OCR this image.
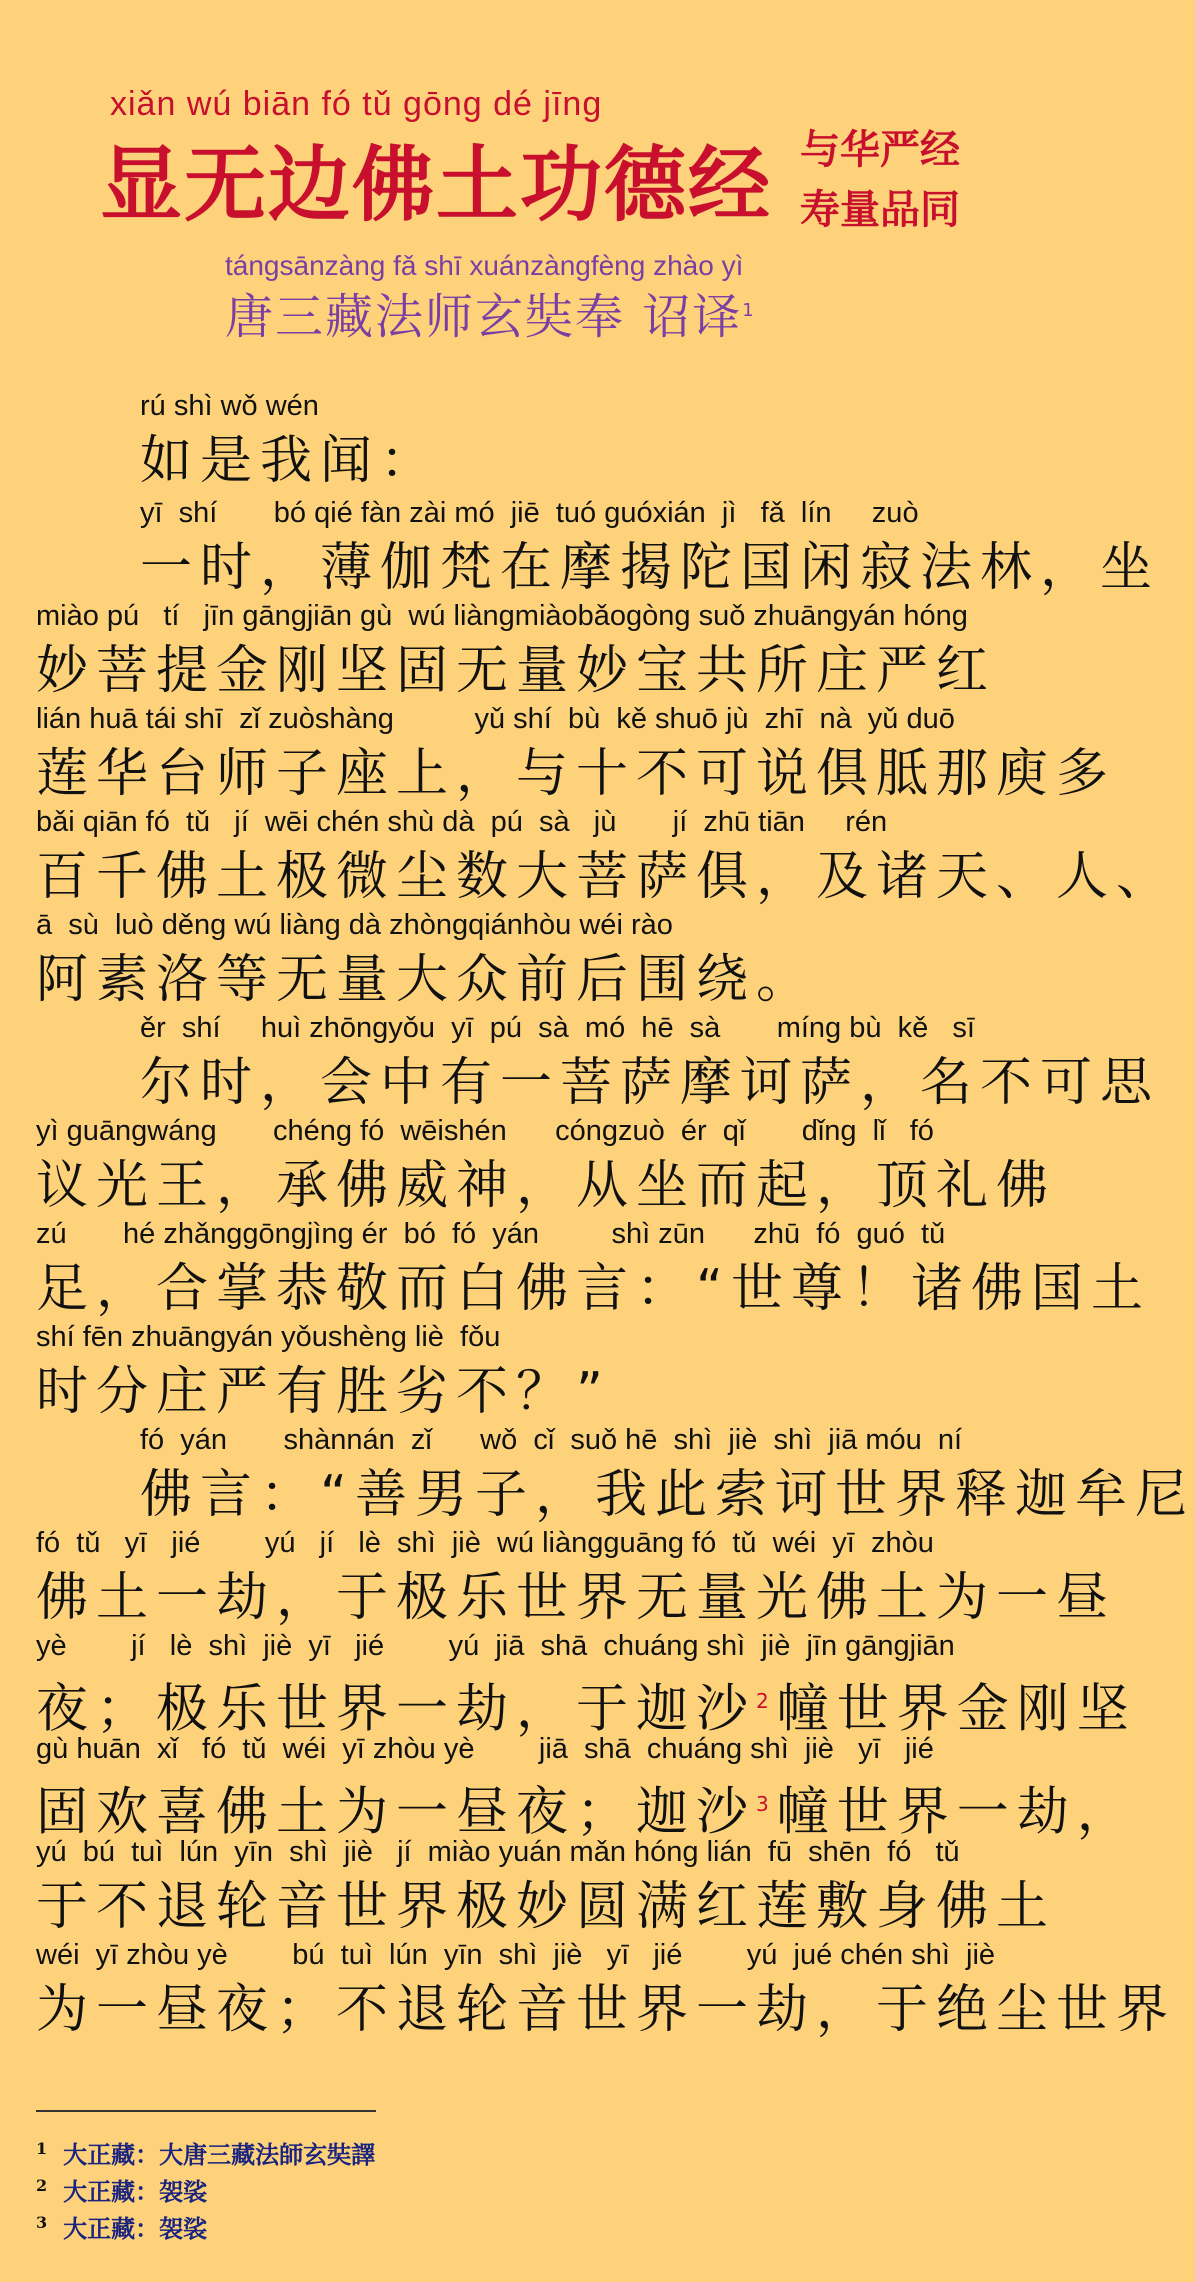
xiǎn wú biān fó tǔ gōng dé jīng
显无边佛土功德经 与华严经
寿量品同
tángsānzàng fǎ shī xuánzàngfèng zhào yì
唐三藏法师玄奘奉 诏译$^1$
rú shì wǒ wén
如是我闻：
yī  shí       bó qié fàn zài mó  jiē  tuó guóxián  jì   fǎ  lín     zuò
一时，薄伽梵在摩揭陀国闲寂法林，坐
miào pú   tí   jīn gāngjiān gù  wú liàngmiàobǎogòng suǒ zhuāngyán hóng
妙菩提金刚坚固无量妙宝共所庄严红
lián huā tái shī  zǐ zuòshàng          yǔ shí  bù  kě shuō jù  zhī  nà  yǔ duō
莲华台师子座上，与十不可说俱胝那庾多
bǎi qiān fó  tǔ   jí  wēi chén shù dà  pú  sà   jù       jí  zhū tiān     rén
百千佛土极微尘数大菩萨俱，及诸天、人、
ā  sù  luò děng wú liàng dà zhòngqiánhòu wéi rào
阿素洛等无量大众前后围绕。
ěr  shí     huì zhōngyǒu  yī  pú  sà  mó  hē  sà       míng bù  kě   sī
尔时，会中有一菩萨摩诃萨，名不可思
yì guāngwáng       chéng fó  wēishén      cóngzuò  ér  qǐ       dǐng  lǐ   fó
议光王，承佛威神，从坐而起，顶礼佛
zú       hé zhǎnggōngjìng ér  bó  fó  yán         shì zūn      zhū  fó  guó  tǔ
足，合掌恭敬而白佛言：“世尊！诸佛国土
shí fēn zhuāngyán yǒushèng liè  fǒu
时分庄严有胜劣不？”
fó  yán       shànnán  zǐ      wǒ  cǐ  suǒ hē  shì  jiè  shì  jiā móu  ní
佛言：“善男子，我此索诃世界释迦牟尼
fó  tǔ   yī   jié        yú   jí   lè  shì  jiè  wú liàngguāng fó  tǔ  wéi  yī  zhòu
佛土一劫，于极乐世界无量光佛土为一昼
yè        jí   lè  shì  jiè  yī   jié        yú  jiā  shā  chuáng shì  jiè  jīn gāngjiān
夜；极乐世界一劫，于迦沙$^2$幢世界金刚坚
gù huān  xǐ   fó  tǔ  wéi  yī zhòu yè        jiā  shā  chuáng shì  jiè   yī   jié
固欢喜佛土为一昼夜；迦沙$^3$幢世界一劫，
yú  bú  tuì  lún  yīn  shì  jiè   jí  miào yuán mǎn hóng lián  fū  shēn  fó   tǔ
于不退轮音世界极妙圆满红莲敷身佛土
wéi  yī zhòu yè        bú  tuì  lún  yīn  shì  jiè   yī   jié        yú  jué chén shì  jiè
为一昼夜；不退轮音世界一劫，于绝尘世界
$^1$ 大正藏：大唐三藏法師玄奘譯
$^2$ 大正藏：袈裟
$^3$ 大正藏：袈裟
